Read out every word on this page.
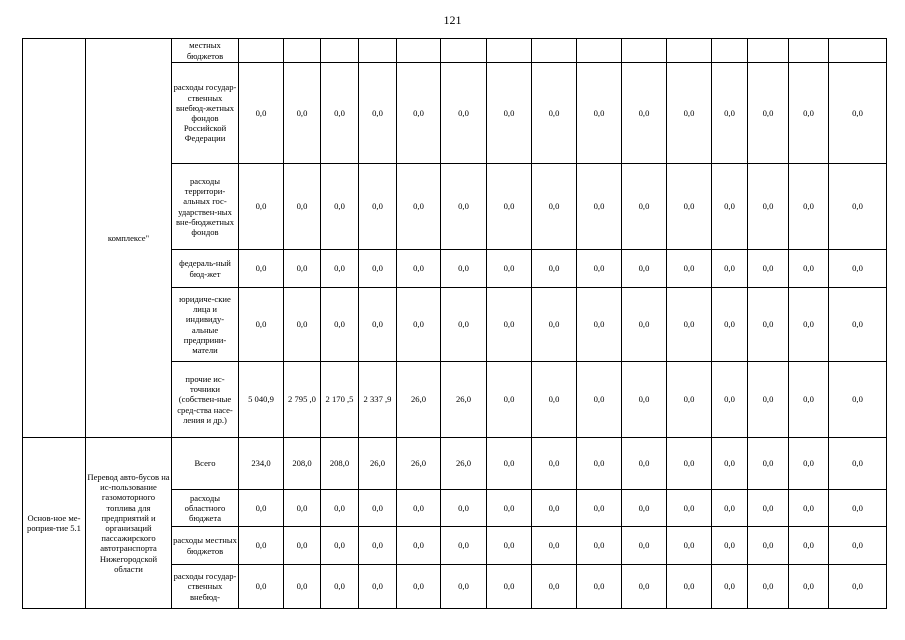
121
	комплексе"	местных бюджетов																
		расходы государ-ственных внебюд-жетных фондов Российской Федерации	0,0	0,0	0,0	0,0	0,0	0,0	0,0	0,0	0,0	0,0	0,0	0,0	0,0	0,0	0,0	
		расходы территори-альных гос-ударствен-ных вне-бюджетных фондов	0,0	0,0	0,0	0,0	0,0	0,0	0,0	0,0	0,0	0,0	0,0	0,0	0,0	0,0	0,0	
		федераль-ный бюд-жет	0,0	0,0	0,0	0,0	0,0	0,0	0,0	0,0	0,0	0,0	0,0	0,0	0,0	0,0	0,0	
		юридиче-ские лица и индивиду-альные предприни-матели	0,0	0,0	0,0	0,0	0,0	0,0	0,0	0,0	0,0	0,0	0,0	0,0	0,0	0,0	0,0	
		прочие ис-точники (собствен-ные сред-ства насе-ления и др.)	5 040,9	2 795 ,0	2 170 ,5	2 337 ,9	26,0	26,0	0,0	0,0	0,0	0,0	0,0	0,0	0,0	0,0	0,0	
Основ-ное ме-роприя-тие 5.1	Перевод авто-бусов на ис-пользование газомоторного топлива для предприятий и организаций пассажирского автотранспорта Нижегородской области	Всего	234,0	208,0	208,0	26,0	26,0	26,0	0,0	0,0	0,0	0,0	0,0	0,0	0,0	0,0	0,0	
		расходы областного бюджета	0,0	0,0	0,0	0,0	0,0	0,0	0,0	0,0	0,0	0,0	0,0	0,0	0,0	0,0	0,0	
		расходы местных бюджетов	0,0	0,0	0,0	0,0	0,0	0,0	0,0	0,0	0,0	0,0	0,0	0,0	0,0	0,0	0,0	
		расходы государ-ственных внебюд-	0,0	0,0	0,0	0,0	0,0	0,0	0,0	0,0	0,0	0,0	0,0	0,0	0,0	0,0	0,0	
